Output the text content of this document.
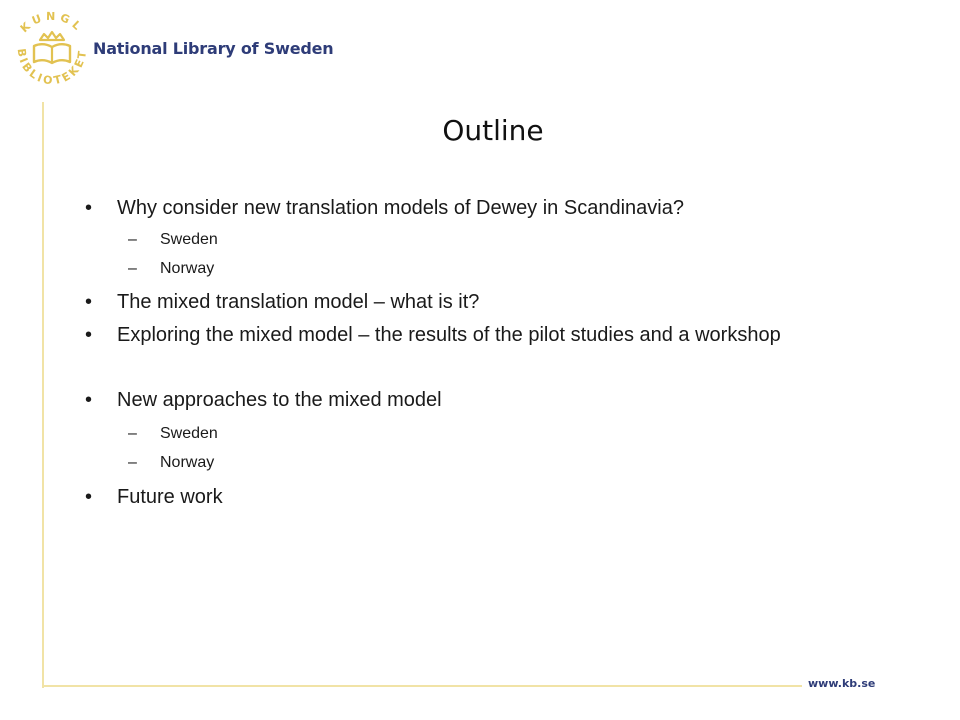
KUNGL
BIBLIOTEKET National Library of Sweden
Outline
• Why consider new translation models of Dewey in Scandinavia?
– Sweden
– Norway
• The mixed translation model – what is it?
• Exploring the mixed model – the results of the pilot studies and a workshop
• New approaches to the mixed model
– Sweden
– Norway
• Future work
www.kb.se
